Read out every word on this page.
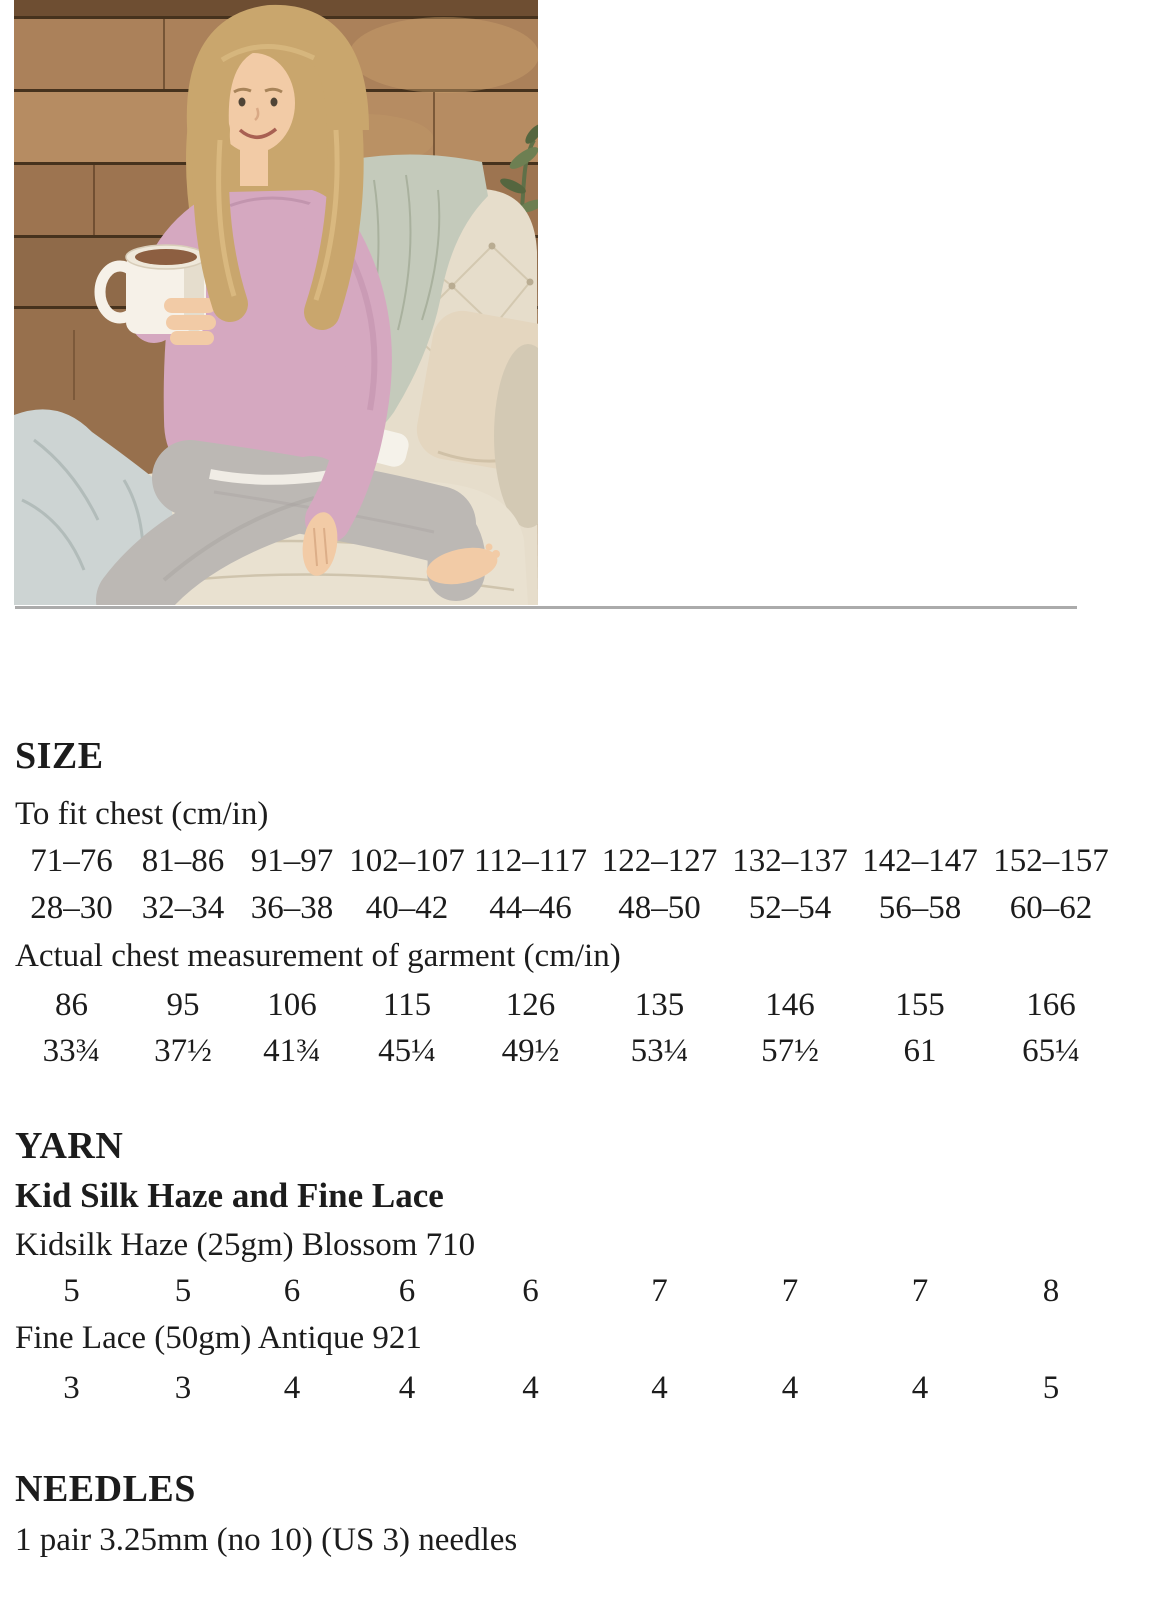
SIZE
To fit chest (cm/in)
71–76 81–86 91–97 102–107 112–117 122–127 132–137 142–147 152–157
28–30 32–34 36–38 40–42	44–46	48–50	52–54	56–58	60–62
Actual chest measurement of garment (cm/in)
86	95	106	115	126	135	146	155	166
33¾	37½	41¾	45¼	49½	53¼	57½	61	65¼
YARN
Kid Silk Haze and Fine Lace
Kidsilk Haze (25gm) Blossom 710
5	5	6	6	6	7	7	7	8
Fine Lace (50gm) Antique 921
3	3	4	4	4	4	4	4	5
NEEDLES
1 pair 3.25mm (no 10) (US 3) needles
